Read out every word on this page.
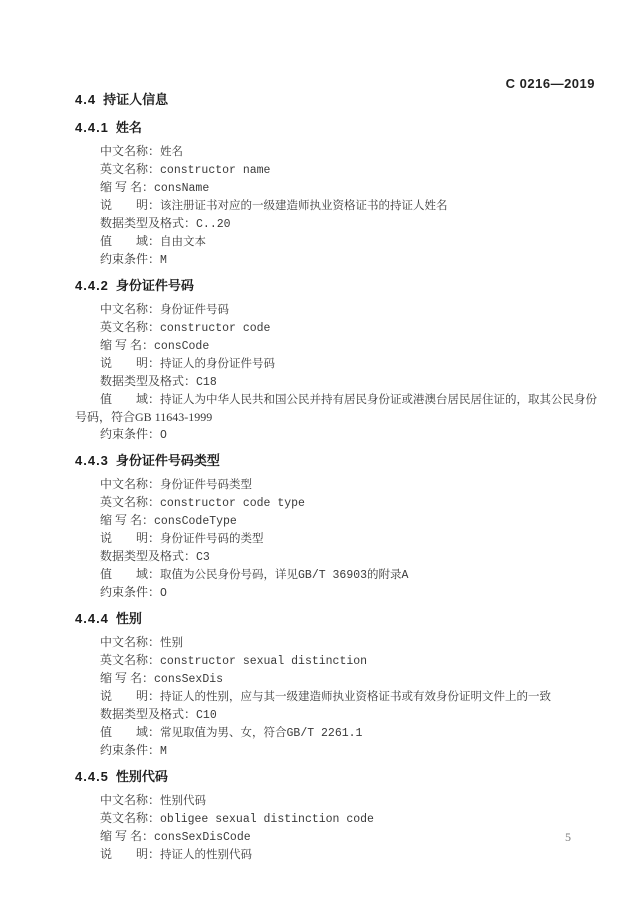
C 0216—2019
4.4 持证人信息
4.4.1 姓名
中文名称：姓名
英文名称：constructor name
缩 写 名：consName
说　　明：该注册证书对应的一级建造师执业资格证书的持证人姓名
数据类型及格式：C..20
值　　域：自由文本
约束条件：M
4.4.2 身份证件号码
中文名称：身份证件号码
英文名称：constructor code
缩 写 名：consCode
说　　明：持证人的身份证件号码
数据类型及格式：C18
值　　域：持证人为中华人民共和国公民并持有居民身份证或港澳台居民居住证的，取其公民身份
号码，符合GB 11643-1999
约束条件：O
4.4.3 身份证件号码类型
中文名称：身份证件号码类型
英文名称：constructor code type
缩 写 名：consCodeType
说　　明：身份证件号码的类型
数据类型及格式：C3
值　　域：取值为公民身份号码，详见GB/T 36903的附录A
约束条件：O
4.4.4 性别
中文名称：性别
英文名称：constructor sexual distinction
缩 写 名：consSexDis
说　　明：持证人的性别，应与其一级建造师执业资格证书或有效身份证明文件上的一致
数据类型及格式：C10
值　　域：常见取值为男、女，符合GB/T 2261.1
约束条件：M
4.4.5 性别代码
中文名称：性别代码
英文名称：obligee sexual distinction code
缩 写 名：consSexDisCode
说　　明：持证人的性别代码
5
